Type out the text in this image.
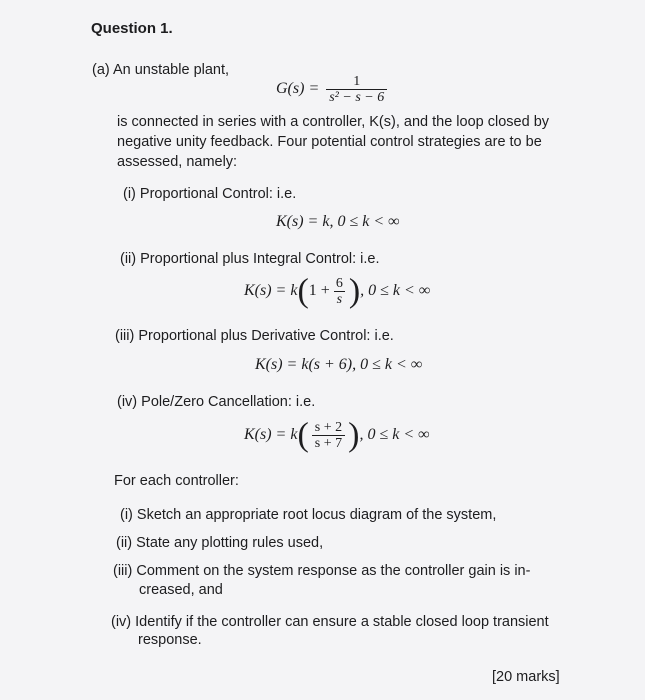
Question 1.
(a) An unstable plant,
$G(s) = \frac{1}{\text{s² − s − 6}}$
is connected in series with a controller, K(s), and the loop closed by
negative unity feedback. Four potential control strategies are to be
assessed, namely:
(i) Proportional Control: i.e.
K(s) = k, 0 ≤ k < ∞
(ii) Proportional plus Integral Control: i.e.
$K(s) = k(1 + \frac{6}{s}$ ), 0 ≤ k < ∞
(iii) Proportional plus Derivative Control: i.e.
K(s) = k(s + 6), 0 ≤ k < ∞
(iv) Pole/Zero Cancellation: i.e.
$K(s) = k( \frac{s + 2}{s + 7}$ ), 0 ≤ k < ∞
For each controller:
(i) Sketch an appropriate root locus diagram of the system,
(ii) State any plotting rules used,
(iii) Comment on the system response as the controller gain is in-
creased, and
(iv) Identify if the controller can ensure a stable closed loop transient
response.
[20 marks]
